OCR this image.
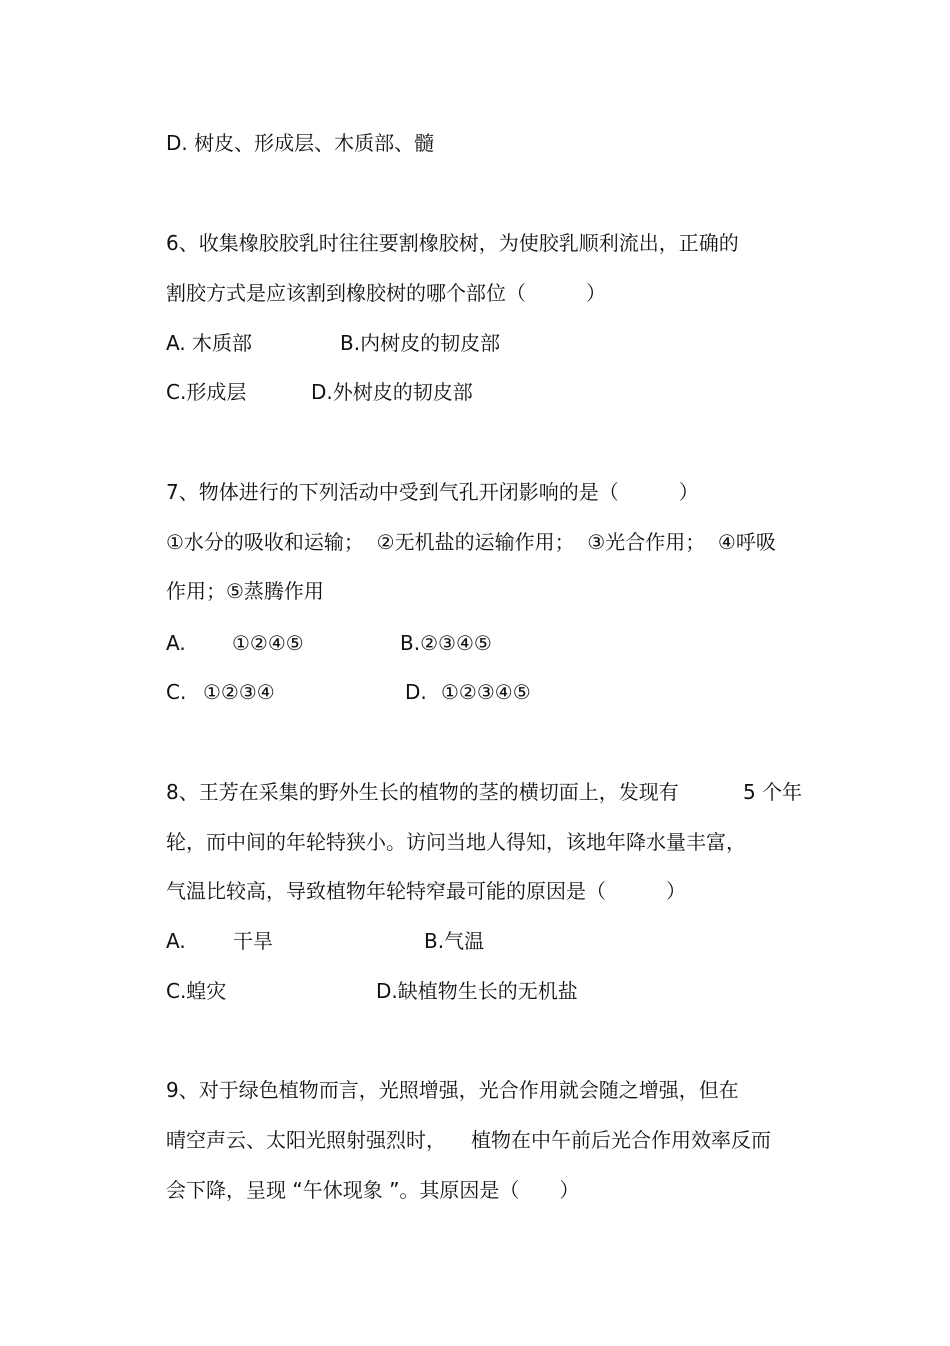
D. 树皮、形成层、木质部、髓

6、收集橡胶胶乳时往往要割橡胶树，为使胶乳顺利流出，正确的

割胶方式是应该割到橡胶树的哪个部位（　　　）

A. 木质部	B.内树皮的韧皮部

C.形成层	D.外树皮的韧皮部

7、物体进行的下列活动中受到气孔开闭影响的是（　　　）

①水分的吸收和运输；  ②无机盐的运输作用；  ③光合作用；  ④呼吸

作用；⑤蒸腾作用

A. ①②④⑤	B.②③④⑤

C. ①②③④	D. ①②③④⑤

8、王芳在采集的野外生长的植物的茎的横切面上，发现有	5 个年

轮，而中间的年轮特狭小。访问当地人得知，该地年降水量丰富，

气温比较高，导致植物年轮特窄最可能的原因是（　　　）

A. 干旱	B.气温

C.蝗灾	D.缺植物生长的无机盐

9、对于绿色植物而言，光照增强，光合作用就会随之增强，但在

晴空声云、太阳光照射强烈时， 植物在中午前后光合作用效率反而

会下降，呈现 “午休现象 ”。其原因是（　　）
